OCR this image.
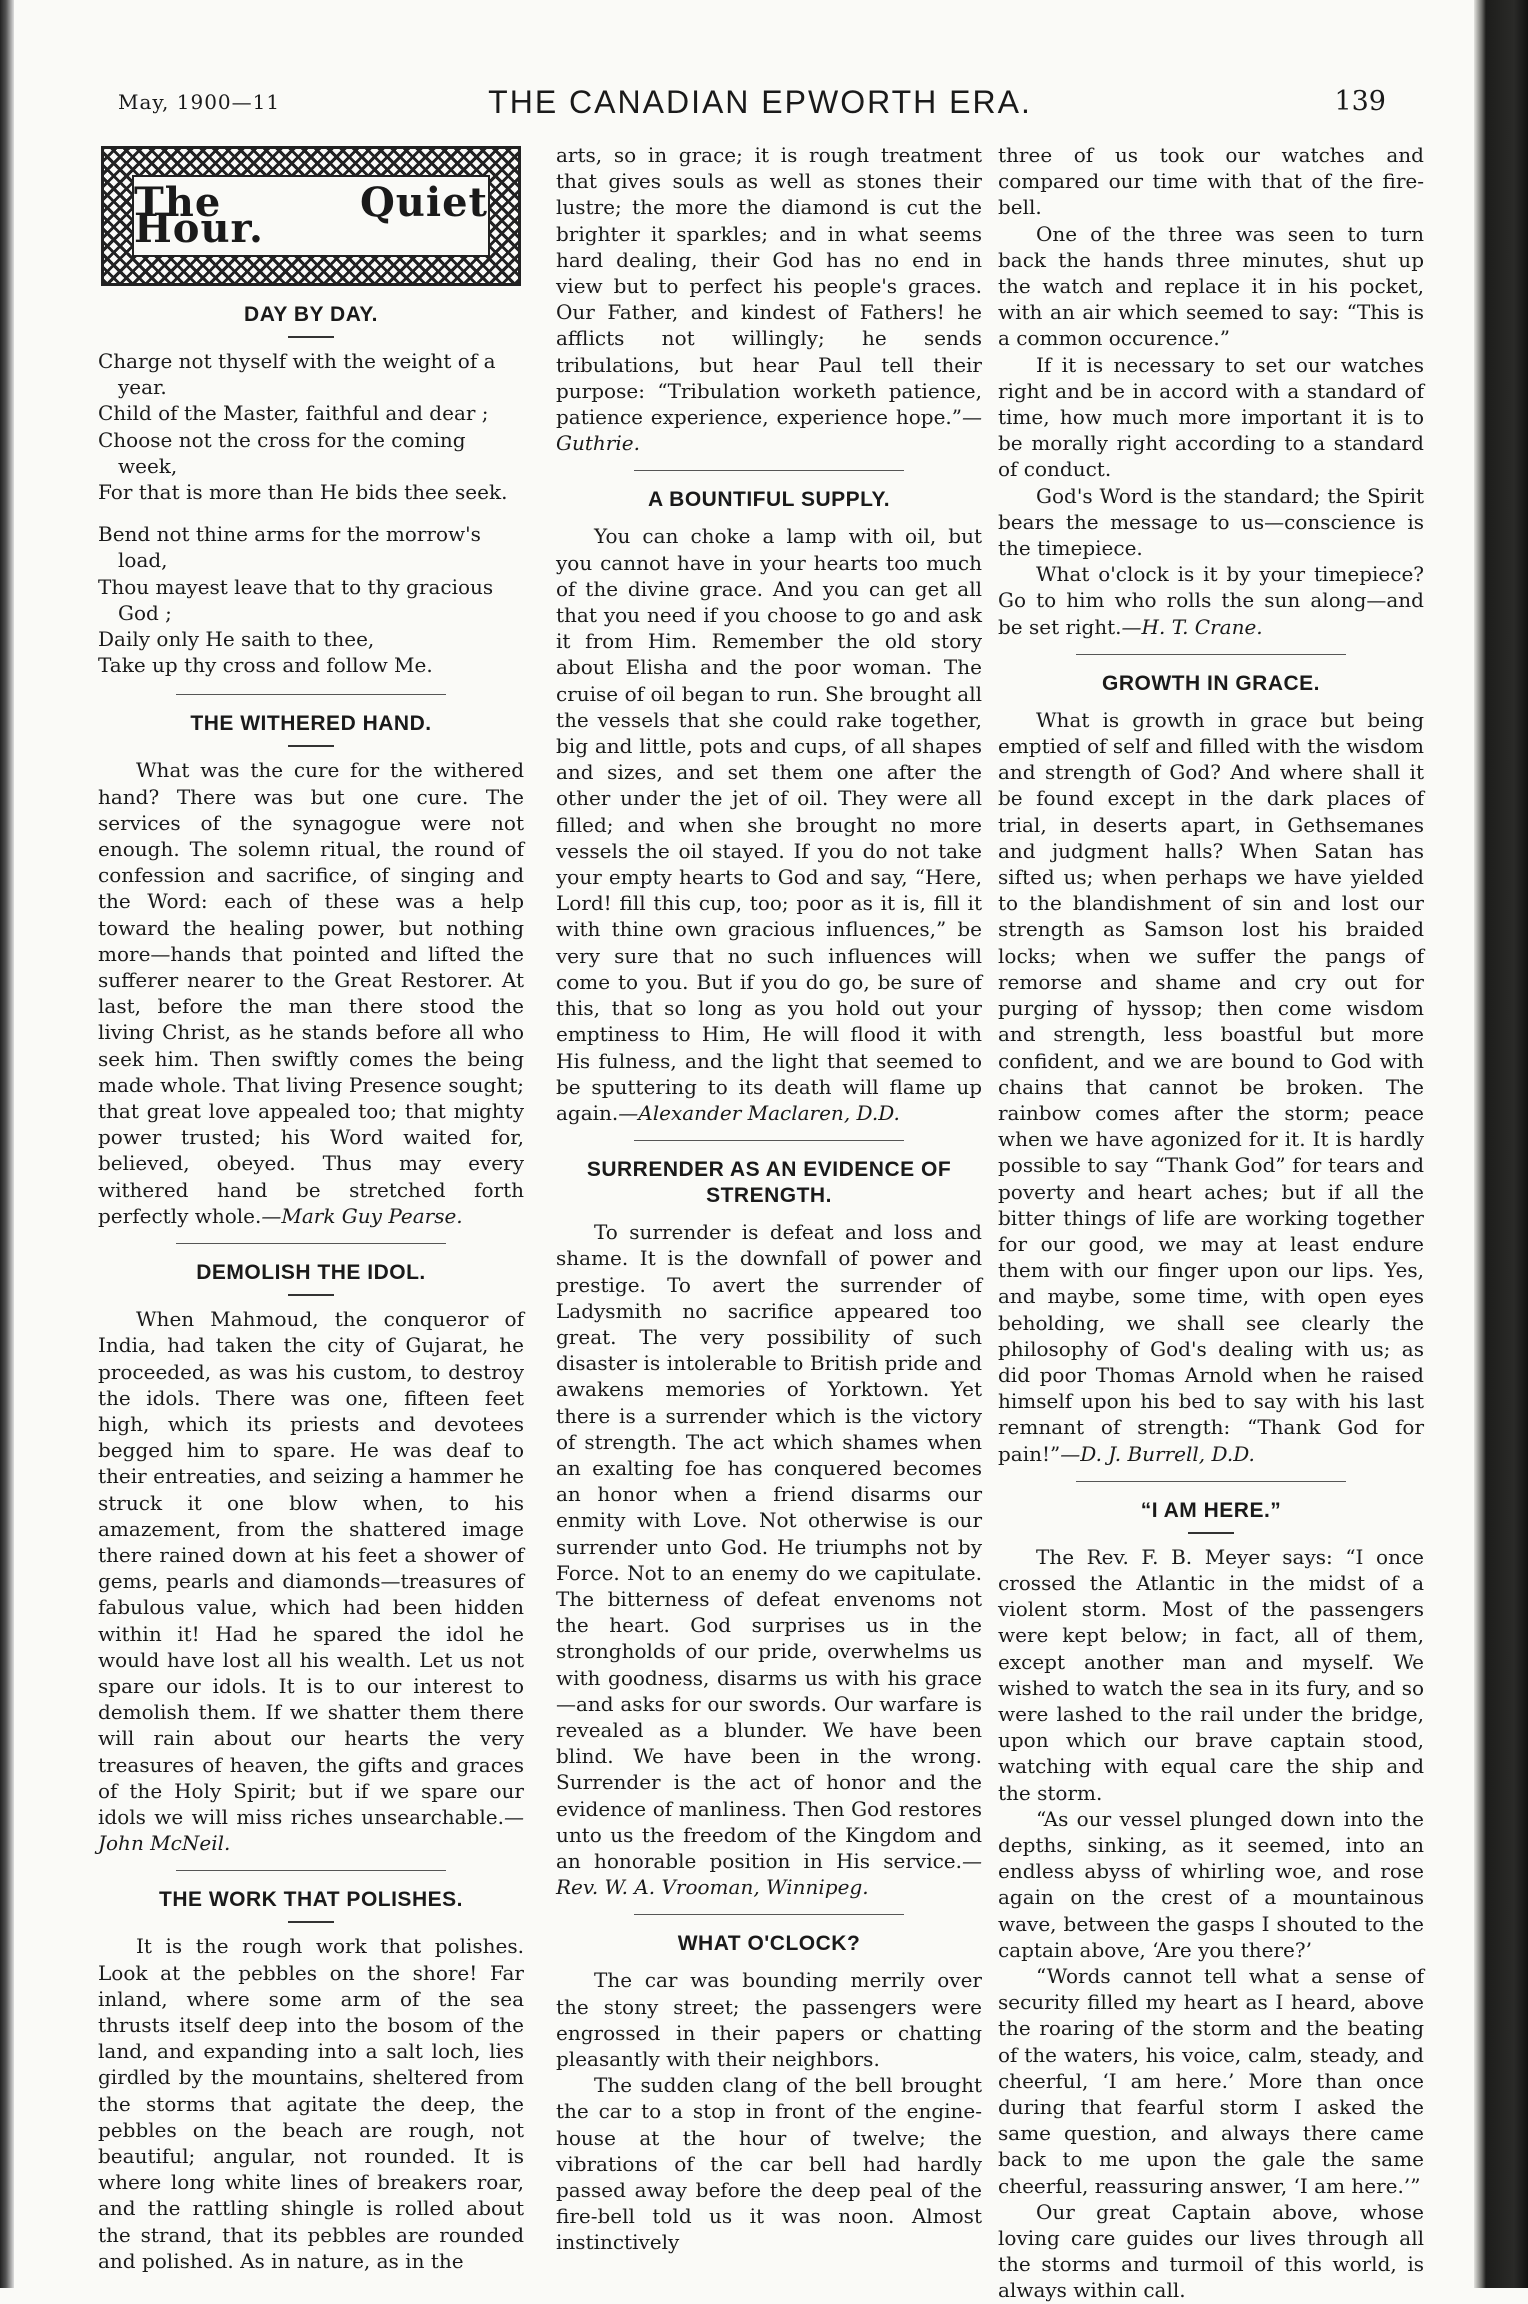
May, 1900—11	THE CANADIAN EPWORTH ERA.	139
The Quiet Hour.
DAY BY DAY.
Charge not thyself with the weight of a year.
Child of the Master, faithful and dear ;
Choose not the cross for the coming week,
For that is more than He bids thee seek.
Bend not thine arms for the morrow's load,
Thou mayest leave that to thy gracious God ;
Daily only He saith to thee,
Take up thy cross and follow Me.
THE WITHERED HAND.

What was the cure for the withered hand? There was but one cure. The services of the synagogue were not enough. The solemn ritual, the round of confession and sacrifice, of singing and the Word: each of these was a help toward the healing power, but nothing more—hands that pointed and lifted the sufferer nearer to the Great Restorer. At last, before the man there stood the living Christ, as he stands before all who seek him. Then swiftly comes the being made whole. That living Presence sought; that great love appealed too; that mighty power trusted; his Word waited for, believed, obeyed. Thus may every withered hand be stretched forth perfectly whole.—Mark Guy Pearse.

DEMOLISH THE IDOL.

When Mahmoud, the conqueror of India, had taken the city of Gujarat, he proceeded, as was his custom, to destroy the idols. There was one, fifteen feet high, which its priests and devotees begged him to spare. He was deaf to their entreaties, and seizing a hammer he struck it one blow when, to his amazement, from the shattered image there rained down at his feet a shower of gems, pearls and diamonds—treasures of fabulous value, which had been hidden within it! Had he spared the idol he would have lost all his wealth. Let us not spare our idols. It is to our interest to demolish them. If we shatter them there will rain about our hearts the very treasures of heaven, the gifts and graces of the Holy Spirit; but if we spare our idols we will miss riches unsearchable.—John McNeil.

THE WORK THAT POLISHES.

It is the rough work that polishes. Look at the pebbles on the shore! Far inland, where some arm of the sea thrusts itself deep into the bosom of the land, and expanding into a salt loch, lies girdled by the mountains, sheltered from the storms that agitate the deep, the pebbles on the beach are rough, not beautiful; angular, not rounded. It is where long white lines of breakers roar, and the rattling shingle is rolled about the strand, that its pebbles are rounded and polished. As in nature, as in the

arts, so in grace; it is rough treatment that gives souls as well as stones their lustre; the more the diamond is cut the brighter it sparkles; and in what seems hard dealing, their God has no end in view but to perfect his people's graces. Our Father, and kindest of Fathers! he afflicts not willingly; he sends tribulations, but hear Paul tell their purpose: “Tribulation worketh patience, patience experience, experience hope.”—Guthrie.

A BOUNTIFUL SUPPLY.

You can choke a lamp with oil, but you cannot have in your hearts too much of the divine grace. And you can get all that you need if you choose to go and ask it from Him. Remember the old story about Elisha and the poor woman. The cruise of oil began to run. She brought all the vessels that she could rake together, big and little, pots and cups, of all shapes and sizes, and set them one after the other under the jet of oil. They were all filled; and when she brought no more vessels the oil stayed. If you do not take your empty hearts to God and say, “Here, Lord! fill this cup, too; poor as it is, fill it with thine own gracious influences,” be very sure that no such influences will come to you. But if you do go, be sure of this, that so long as you hold out your emptiness to Him, He will flood it with His fulness, and the light that seemed to be sputtering to its death will flame up again.—Alexander Maclaren, D.D.

SURRENDER AS AN EVIDENCE OF STRENGTH.

To surrender is defeat and loss and shame. It is the downfall of power and prestige. To avert the surrender of Ladysmith no sacrifice appeared too great. The very possibility of such disaster is intolerable to British pride and awakens memories of Yorktown. Yet there is a surrender which is the victory of strength. The act which shames when an exalting foe has conquered becomes an honor when a friend disarms our enmity with Love. Not otherwise is our surrender unto God. He triumphs not by Force. Not to an enemy do we capitulate. The bitterness of defeat envenoms not the heart. God surprises us in the strongholds of our pride, overwhelms us with goodness, disarms us with his grace—and asks for our swords. Our warfare is revealed as a blunder. We have been blind. We have been in the wrong. Surrender is the act of honor and the evidence of manliness. Then God restores unto us the freedom of the Kingdom and an honorable position in His service.—Rev. W. A. Vrooman, Winnipeg.

WHAT O'CLOCK?

The car was bounding merrily over the stony street; the passengers were engrossed in their papers or chatting pleasantly with their neighbors.

The sudden clang of the bell brought the car to a stop in front of the engine-house at the hour of twelve; the vibrations of the car bell had hardly passed away before the deep peal of the fire-bell told us it was noon. Almost instinctively

three of us took our watches and compared our time with that of the fire-bell.

One of the three was seen to turn back the hands three minutes, shut up the watch and replace it in his pocket, with an air which seemed to say: “This is a common occurence.”

If it is necessary to set our watches right and be in accord with a standard of time, how much more important it is to be morally right according to a standard of conduct.

God's Word is the standard; the Spirit bears the message to us—conscience is the timepiece.

What o'clock is it by your timepiece? Go to him who rolls the sun along—and be set right.—H. T. Crane.

GROWTH IN GRACE.

What is growth in grace but being emptied of self and filled with the wisdom and strength of God? And where shall it be found except in the dark places of trial, in deserts apart, in Gethsemanes and judgment halls? When Satan has sifted us; when perhaps we have yielded to the blandishment of sin and lost our strength as Samson lost his braided locks; when we suffer the pangs of remorse and shame and cry out for purging of hyssop; then come wisdom and strength, less boastful but more confident, and we are bound to God with chains that cannot be broken. The rainbow comes after the storm; peace when we have agonized for it. It is hardly possible to say “Thank God” for tears and poverty and heart aches; but if all the bitter things of life are working together for our good, we may at least endure them with our finger upon our lips. Yes, and maybe, some time, with open eyes beholding, we shall see clearly the philosophy of God's dealing with us; as did poor Thomas Arnold when he raised himself upon his bed to say with his last remnant of strength: “Thank God for pain!”—D. J. Burrell, D.D.

“I AM HERE.”

The Rev. F. B. Meyer says: “I once crossed the Atlantic in the midst of a violent storm. Most of the passengers were kept below; in fact, all of them, except another man and myself. We wished to watch the sea in its fury, and so were lashed to the rail under the bridge, upon which our brave captain stood, watching with equal care the ship and the storm.

“As our vessel plunged down into the depths, sinking, as it seemed, into an endless abyss of whirling woe, and rose again on the crest of a mountainous wave, between the gasps I shouted to the captain above, ‘Are you there?’

“Words cannot tell what a sense of security filled my heart as I heard, above the roaring of the storm and the beating of the waters, his voice, calm, steady, and cheerful, ‘I am here.’ More than once during that fearful storm I asked the same question, and always there came back to me upon the gale the same cheerful, reassuring answer, ‘I am here.’”

Our great Captain above, whose loving care guides our lives through all the storms and turmoil of this world, is always within call.
